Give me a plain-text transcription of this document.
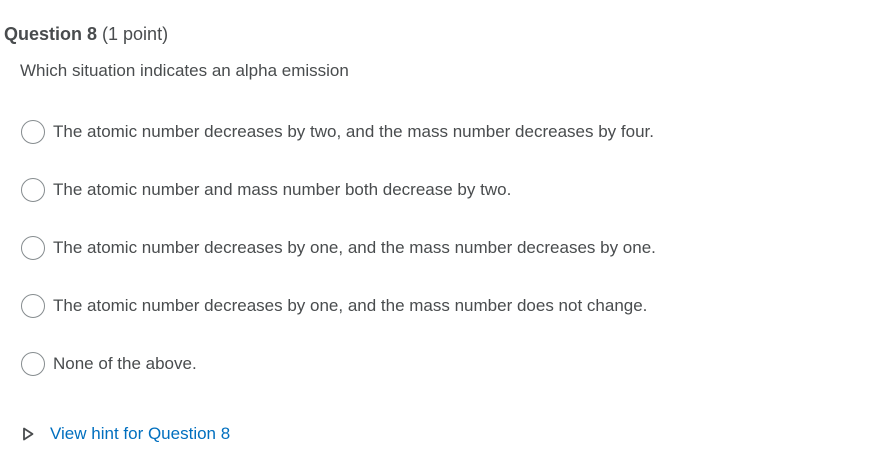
Question 8 (1 point)
Which situation indicates an alpha emission
The atomic number decreases by two, and the mass number decreases by four.
The atomic number and mass number both decrease by two.
The atomic number decreases by one, and the mass number decreases by one.
The atomic number decreases by one, and the mass number does not change.
None of the above.
View hint for Question 8
